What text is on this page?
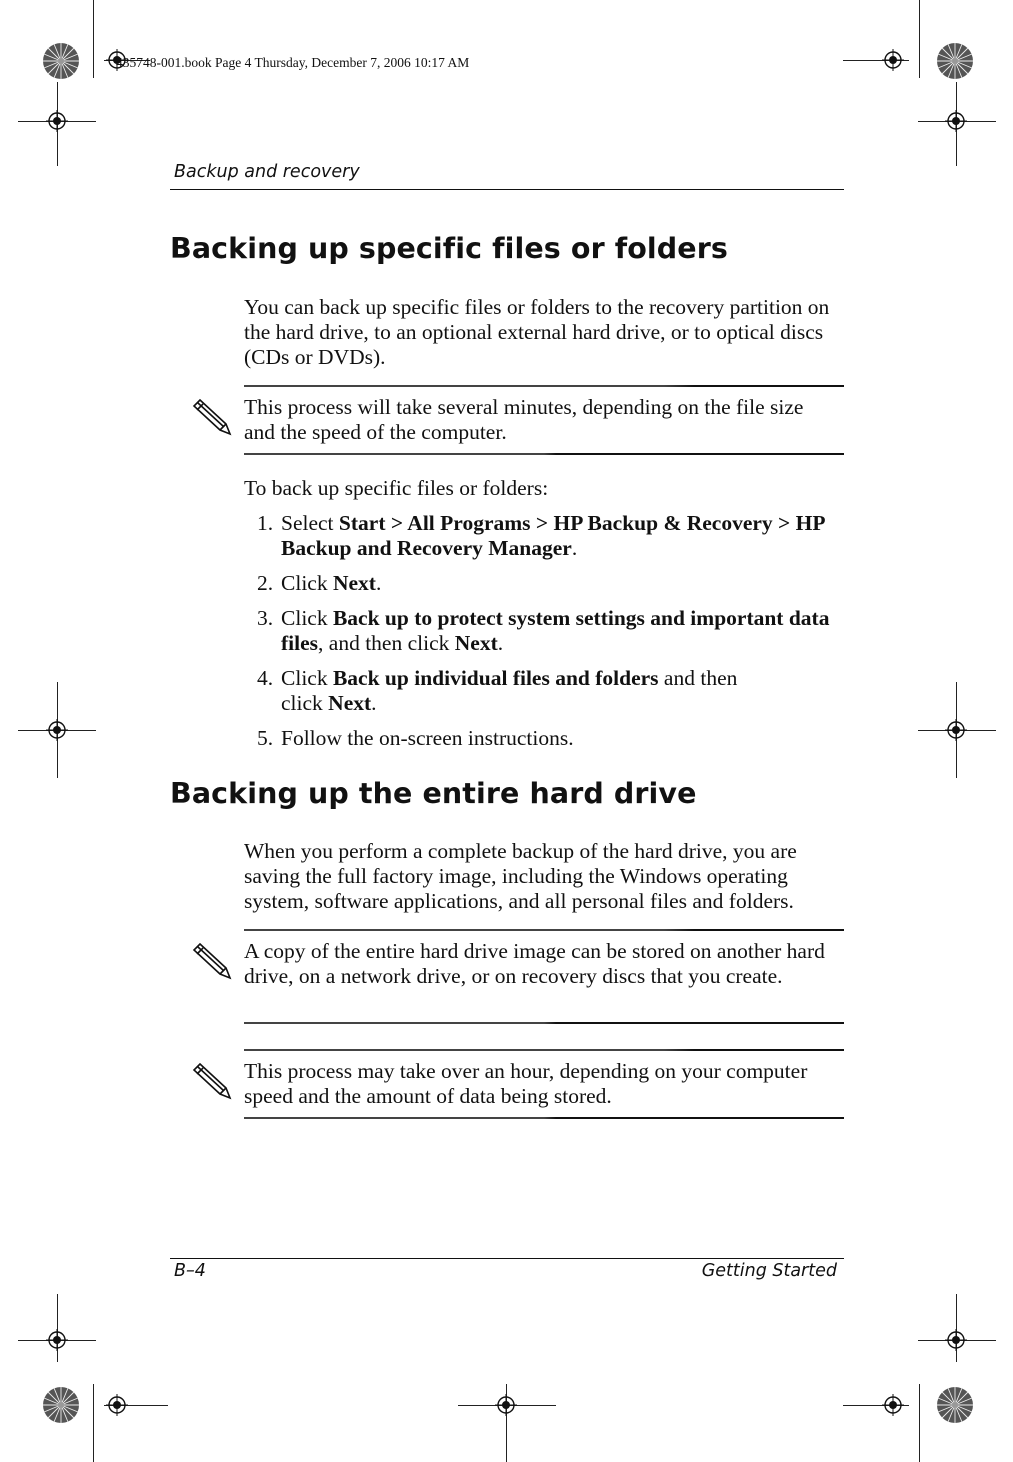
435748-001.book Page 4 Thursday, December 7, 2006 10:17 AM
Backup and recovery
Backing up specific files or folders

You can back up specific files or folders to the recovery partition on the hard drive, to an optional external hard drive, or to optical discs (CDs or DVDs).

This process will take several minutes, depending on the file size and the speed of the computer.

To back up specific files or folders:

1. Select Start > All Programs > HP Backup & Recovery > HP Backup and Recovery Manager.
2. Click Next.
3. Click Back up to protect system settings and important data files, and then click Next.
4. Click Back up individual files and folders and then click Next.
5. Follow the on-screen instructions.
Backing up the entire hard drive

When you perform a complete backup of the hard drive, you are saving the full factory image, including the Windows operating system, software applications, and all personal files and folders.

A copy of the entire hard drive image can be stored on another hard drive, on a network drive, or on recovery discs that you create.

This process may take over an hour, depending on your computer speed and the amount of data being stored.

B–4	Getting Started
